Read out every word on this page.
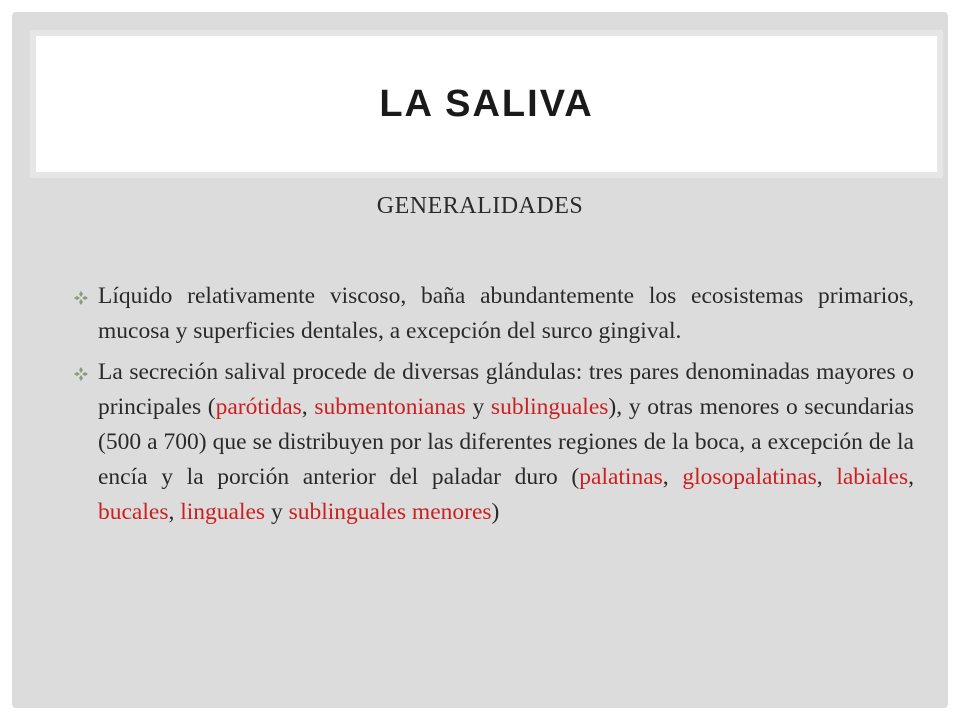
LA SALIVA
GENERALIDADES
Líquido relativamente viscoso, baña abundantemente los ecosistemas primarios, mucosa y superficies dentales, a excepción del surco gingival.
La secreción salival procede de diversas glándulas: tres pares denominadas mayores o principales (parótidas, submentonianas y sublinguales), y otras menores o secundarias (500 a 700) que se distribuyen por las diferentes regiones de la boca, a excepción de la encía y la porción anterior del paladar duro (palatinas, glosopalatinas, labiales, bucales, linguales y sublinguales menores)
